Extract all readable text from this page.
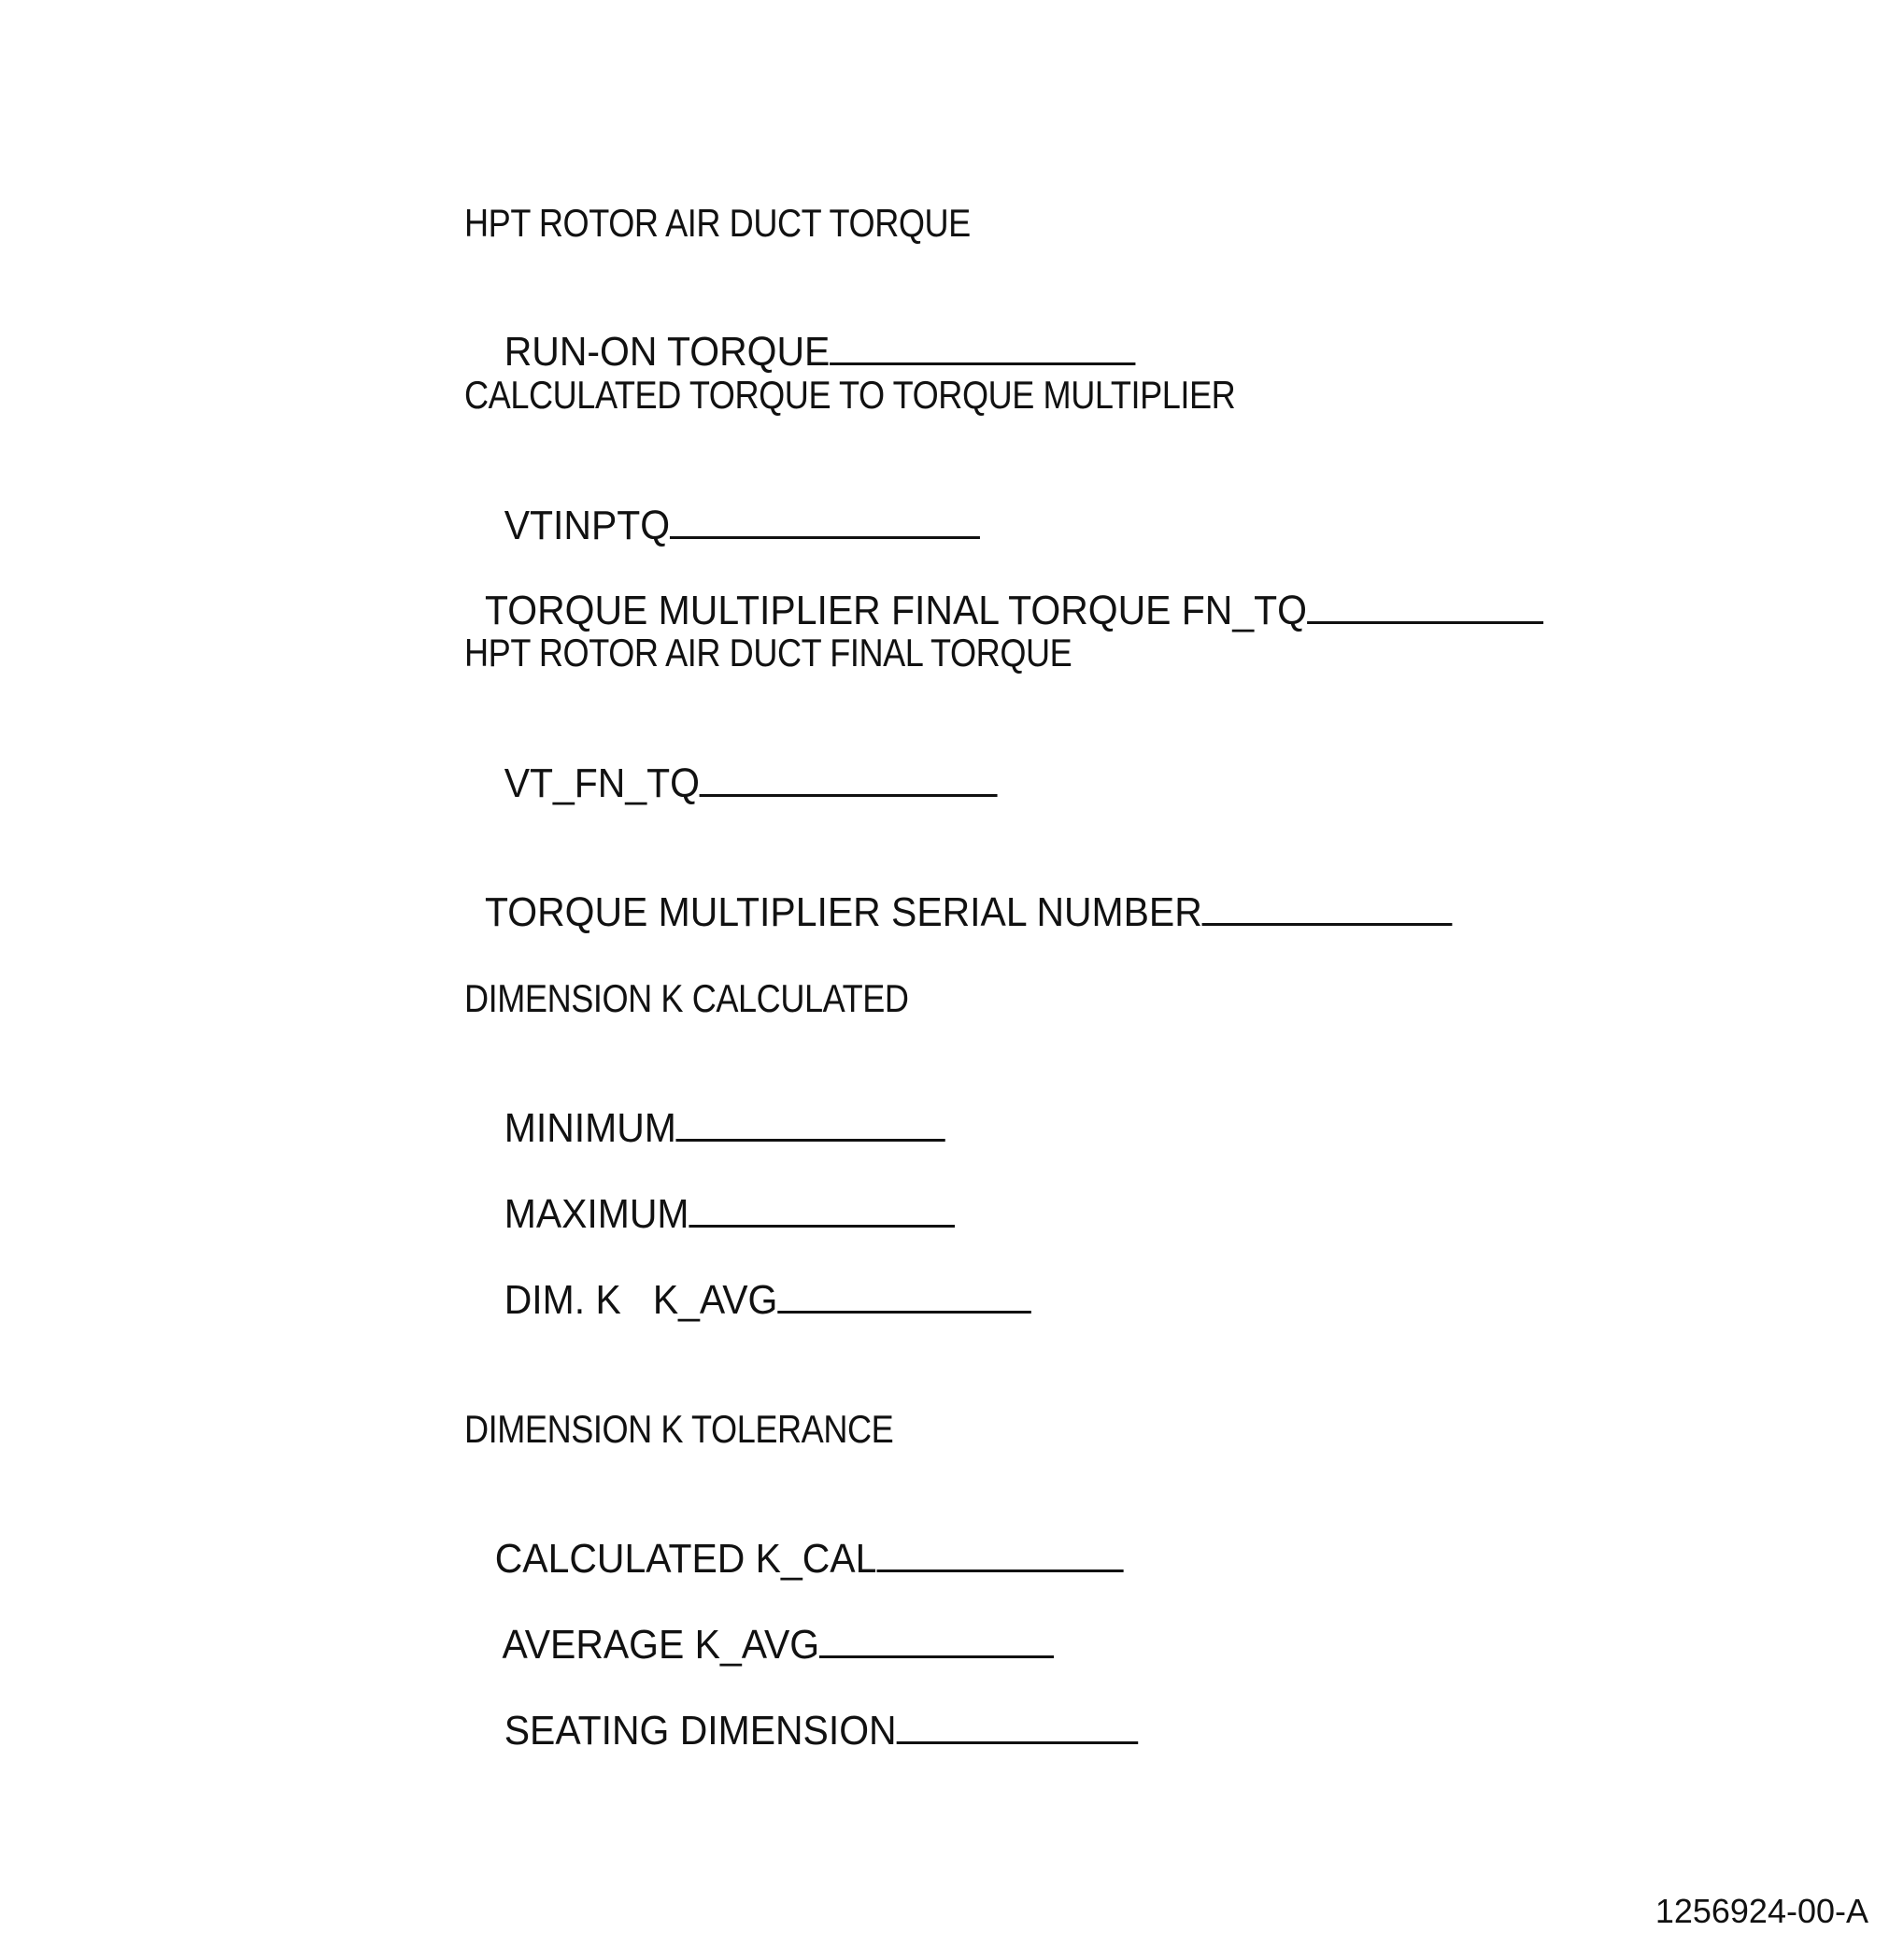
HPT ROTOR AIR DUCT TORQUE

RUN-ON TORQUE

CALCULATED TORQUE TO TORQUE MULTIPLIER

VTINPTQ

TORQUE MULTIPLIER FINAL TORQUE FN_TQ

HPT ROTOR AIR DUCT FINAL TORQUE

VT_FN_TQ

TORQUE MULTIPLIER SERIAL NUMBER

DIMENSION K CALCULATED

MINIMUM

MAXIMUM

DIM. K   K_AVG

DIMENSION K TOLERANCE

CALCULATED K_CAL

AVERAGE K_AVG

SEATING DIMENSION

1256924-00-A
